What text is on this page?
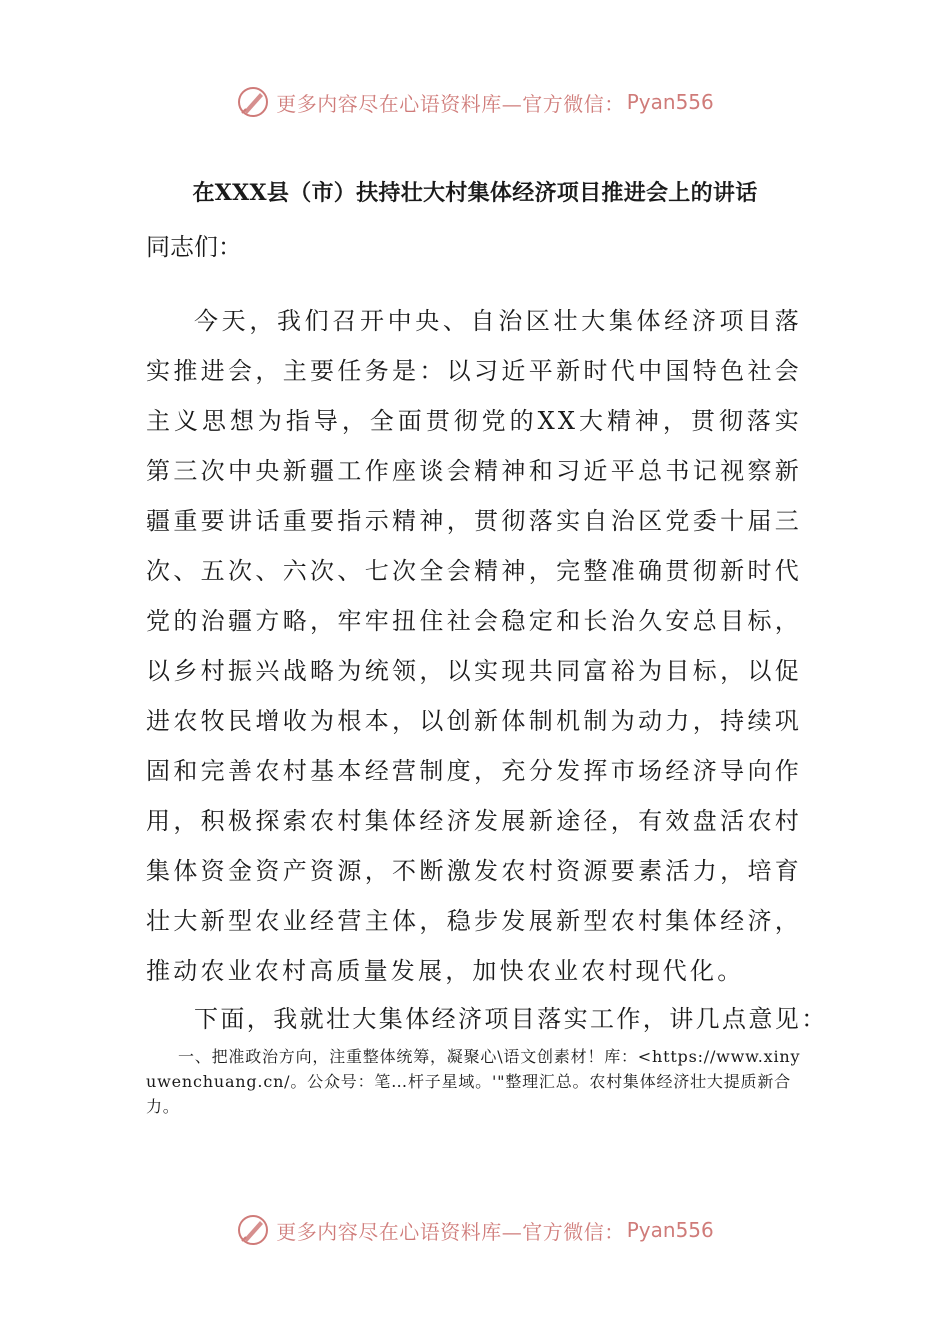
更多内容尽在心语资料库—官方微信： Pyan556
在XXX县（市）扶持壮大村集体经济项目推进会上的讲话
同志们：

今天，我们召开中央、自治区壮大集体经济项目落实推进会，主要任务是：以习近平新时代中国特色社会主义思想为指导，全面贯彻党的XX大精神，贯彻落实第三次中央新疆工作座谈会精神和习近平总书记视察新疆重要讲话重要指示精神，贯彻落实自治区党委十届三次、五次、六次、七次全会精神，完整准确贯彻新时代党的治疆方略，牢牢扭住社会稳定和长治久安总目标，以乡村振兴战略为统领，以实现共同富裕为目标，以促进农牧民增收为根本，以创新体制机制为动力，持续巩固和完善农村基本经营制度，充分发挥市场经济导向作用，积极探索农村集体经济发展新途径，有效盘活农村集体资金资产资源，不断激发农村资源要素活力，培育壮大新型农业经营主体，稳步发展新型农村集体经济，推动农业农村高质量发展，加快农业农村现代化。

下面，我就壮大集体经济项目落实工作，讲几点意见：
一、把准政治方向，注重整体统筹，凝聚心\语文创素材！库：<https://www.xinyuwenchuang.cn/。公众号：笔…杆子星域。'"整理汇总。农村集体经济壮大提质新合力。
更多内容尽在心语资料库—官方微信： Pyan556
